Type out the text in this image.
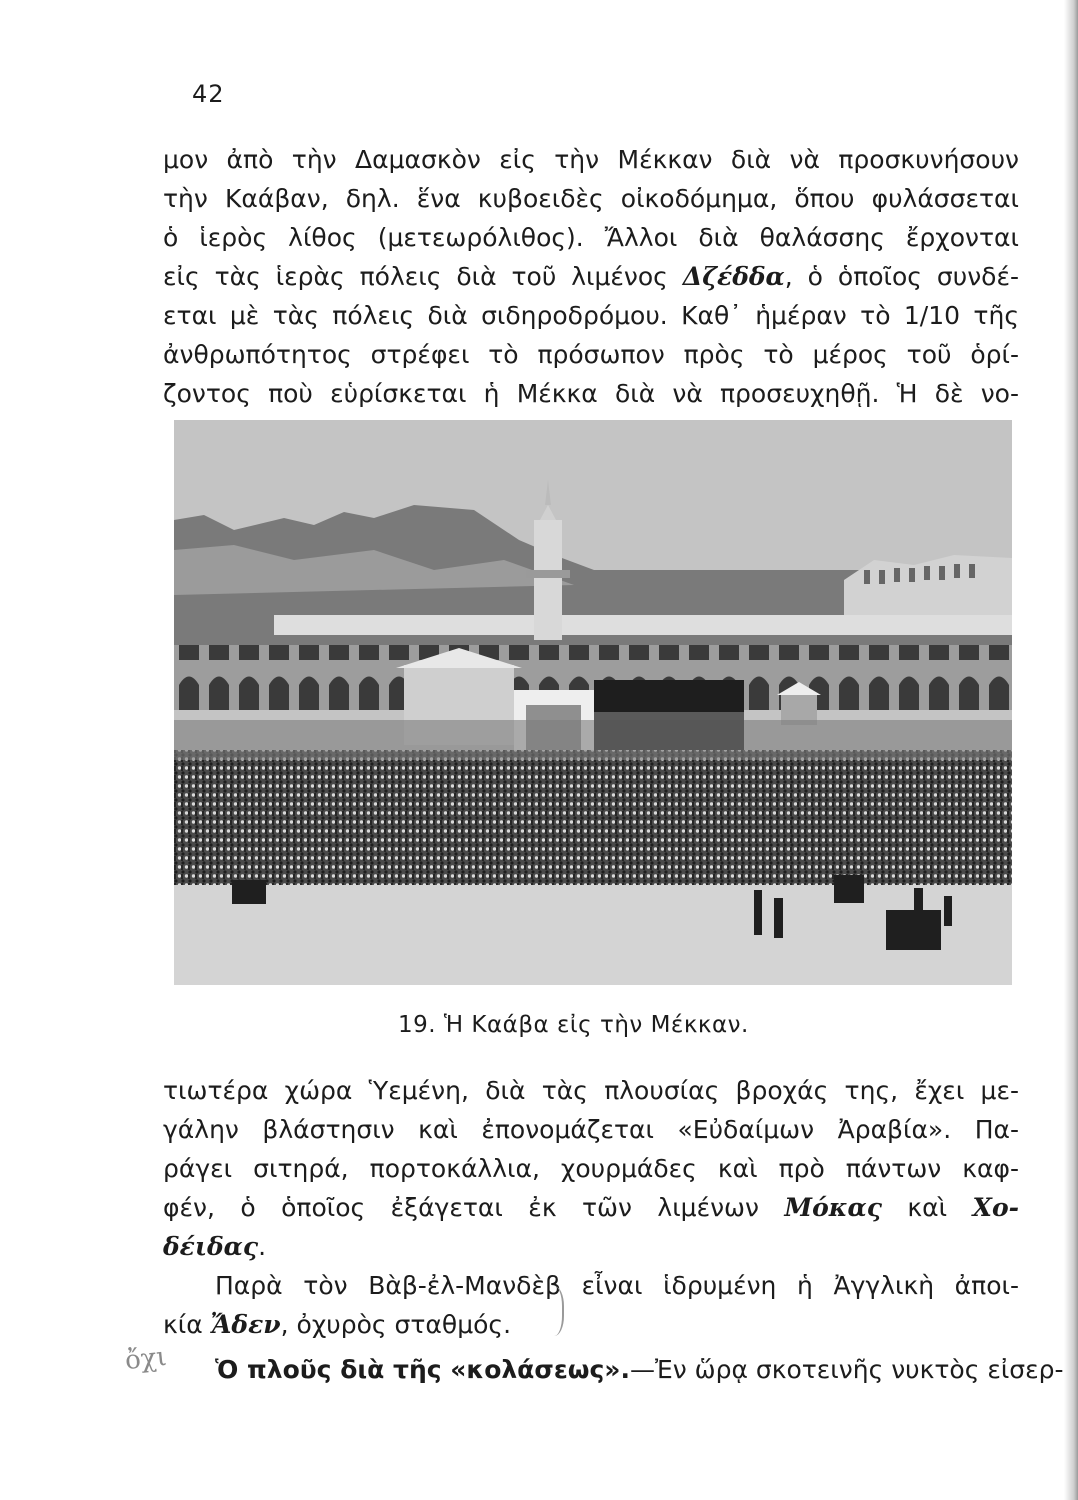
42
μον ἀπὸ τὴν Δαμασκὸν εἰς τὴν Μέκκαν διὰ νὰ προσκυνήσουν
τὴν Καάβαν, δηλ. ἕνα κυβοειδὲς οἰκοδόμημα, ὅπου φυλάσσεται
ὁ ἱερὸς λίθος (μετεωρόλιθος). Ἄλλοι διὰ θαλάσσης ἔρχονται
εἰς τὰς ἱερὰς πόλεις διὰ τοῦ λιμένος Δζέδδα, ὁ ὁποῖος συνδέ-
εται μὲ τὰς πόλεις διὰ σιδηροδρόμου. Καθ᾽ ἡμέραν τὸ 1/10 τῆς
ἀνθρωπότητος στρέφει τὸ πρόσωπον πρὸς τὸ μέρος τοῦ ὁρί-
ζοντος ποὺ εὑρίσκεται ἡ Μέκκα διὰ νὰ προσευχηθῇ. Ἡ δὲ νο-
19. Ἡ Καάβα εἰς τὴν Μέκκαν.
τιωτέρα χώρα Ὑεμένη, διὰ τὰς πλουσίας βροχάς της, ἔχει με-
γάλην βλάστησιν καὶ ἐπονομάζεται «Εὐδαίμων Ἀραβία». Πα-
ράγει σιτηρά, πορτοκάλλια, χουρμάδες καὶ πρὸ πάντων καφ-
φέν, ὁ ὁποῖος ἐξάγεται ἐκ τῶν λιμένων Μόκας καὶ Χο-
δέιδας.
Παρὰ τὸν Βὰβ-ἐλ-Μανδὲβ εἶναι ἱδρυμένη ἡ Ἀγγλικὴ ἀποι-
κία Ἄδεν, ὀχυρὸς σταθμός.
ὄχι	Ὁ πλοῦς διὰ τῆς «κολάσεως».—Ἐν ὥρᾳ σκοτεινῆς νυκτὸς εἰσερ-
